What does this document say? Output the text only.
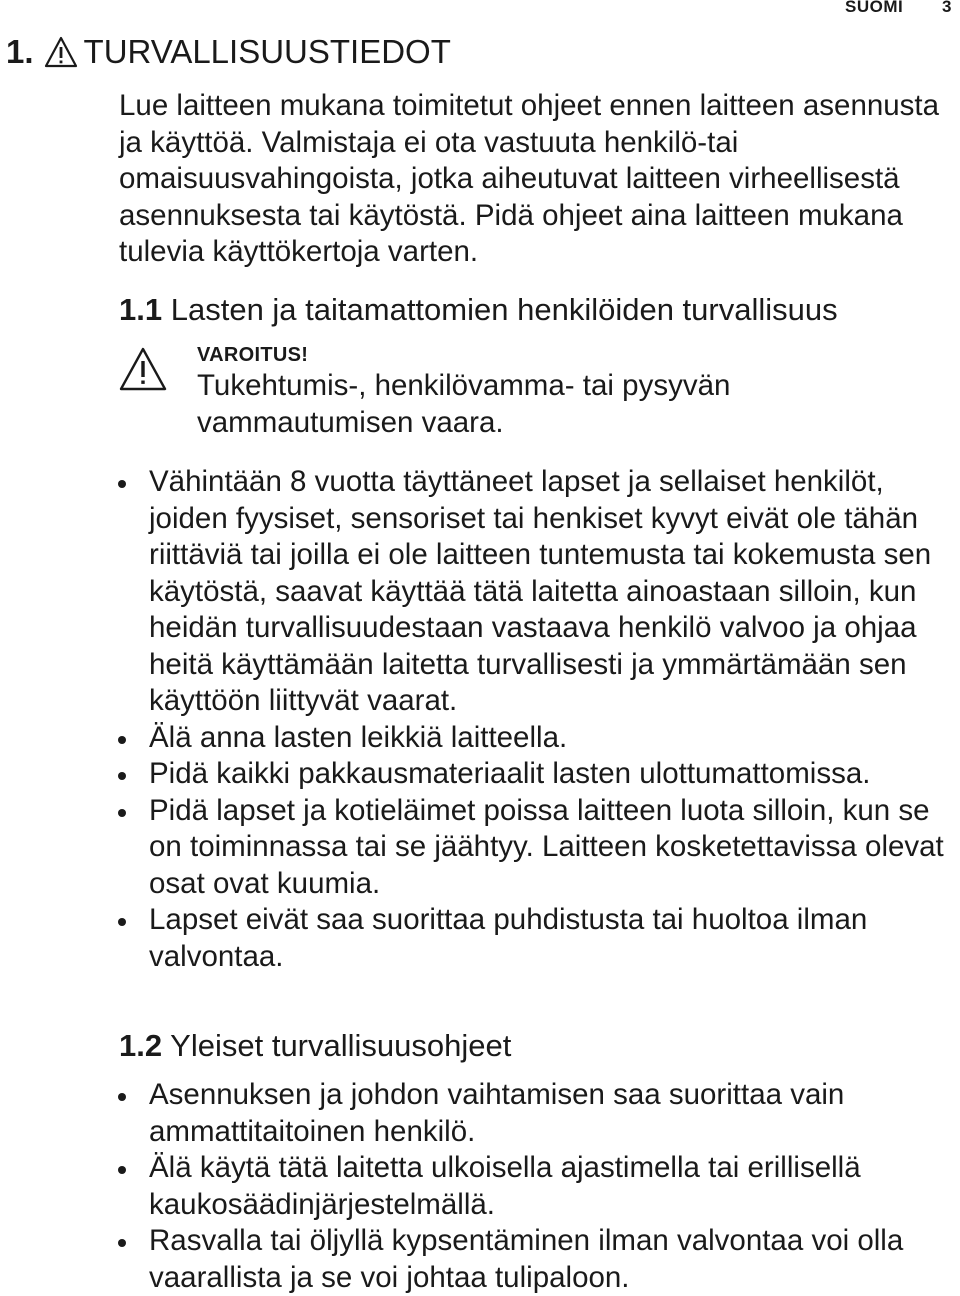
SUOMI 3
1. TURVALLISUUSTIEDOT

Lue laitteen mukana toimitetut ohjeet ennen laitteen asennusta ja käyttöä. Valmistaja ei ota vastuuta henkilö-tai omaisuusvahingoista, jotka aiheutuvat laitteen virheellisestä asennuksesta tai käytöstä. Pidä ohjeet aina laitteen mukana tulevia käyttökertoja varten.

1.1 Lasten ja taitamattomien henkilöiden turvallisuus
VAROITUS!
Tukehtumis-, henkilövamma- tai pysyvän vammautumisen vaara.
Vähintään 8 vuotta täyttäneet lapset ja sellaiset henkilöt, joiden fyysiset, sensoriset tai henkiset kyvyt eivät ole tähän riittäviä tai joilla ei ole laitteen tuntemusta tai kokemusta sen käytöstä, saavat käyttää tätä laitetta ainoastaan silloin, kun heidän turvallisuudestaan vastaava henkilö valvoo ja ohjaa heitä käyttämään laitetta turvallisesti ja ymmärtämään sen käyttöön liittyvät vaarat.
Älä anna lasten leikkiä laitteella.
Pidä kaikki pakkausmateriaalit lasten ulottumattomissa.
Pidä lapset ja kotieläimet poissa laitteen luota silloin, kun se on toiminnassa tai se jäähtyy. Laitteen kosketettavissa olevat osat ovat kuumia.
Lapset eivät saa suorittaa puhdistusta tai huoltoa ilman valvontaa.
1.2 Yleiset turvallisuusohjeet
Asennuksen ja johdon vaihtamisen saa suorittaa vain ammattitaitoinen henkilö.
Älä käytä tätä laitetta ulkoisella ajastimella tai erillisellä kaukosäädinjärjestelmällä.
Rasvalla tai öljyllä kypsentäminen ilman valvontaa voi olla vaarallista ja se voi johtaa tulipaloon.
